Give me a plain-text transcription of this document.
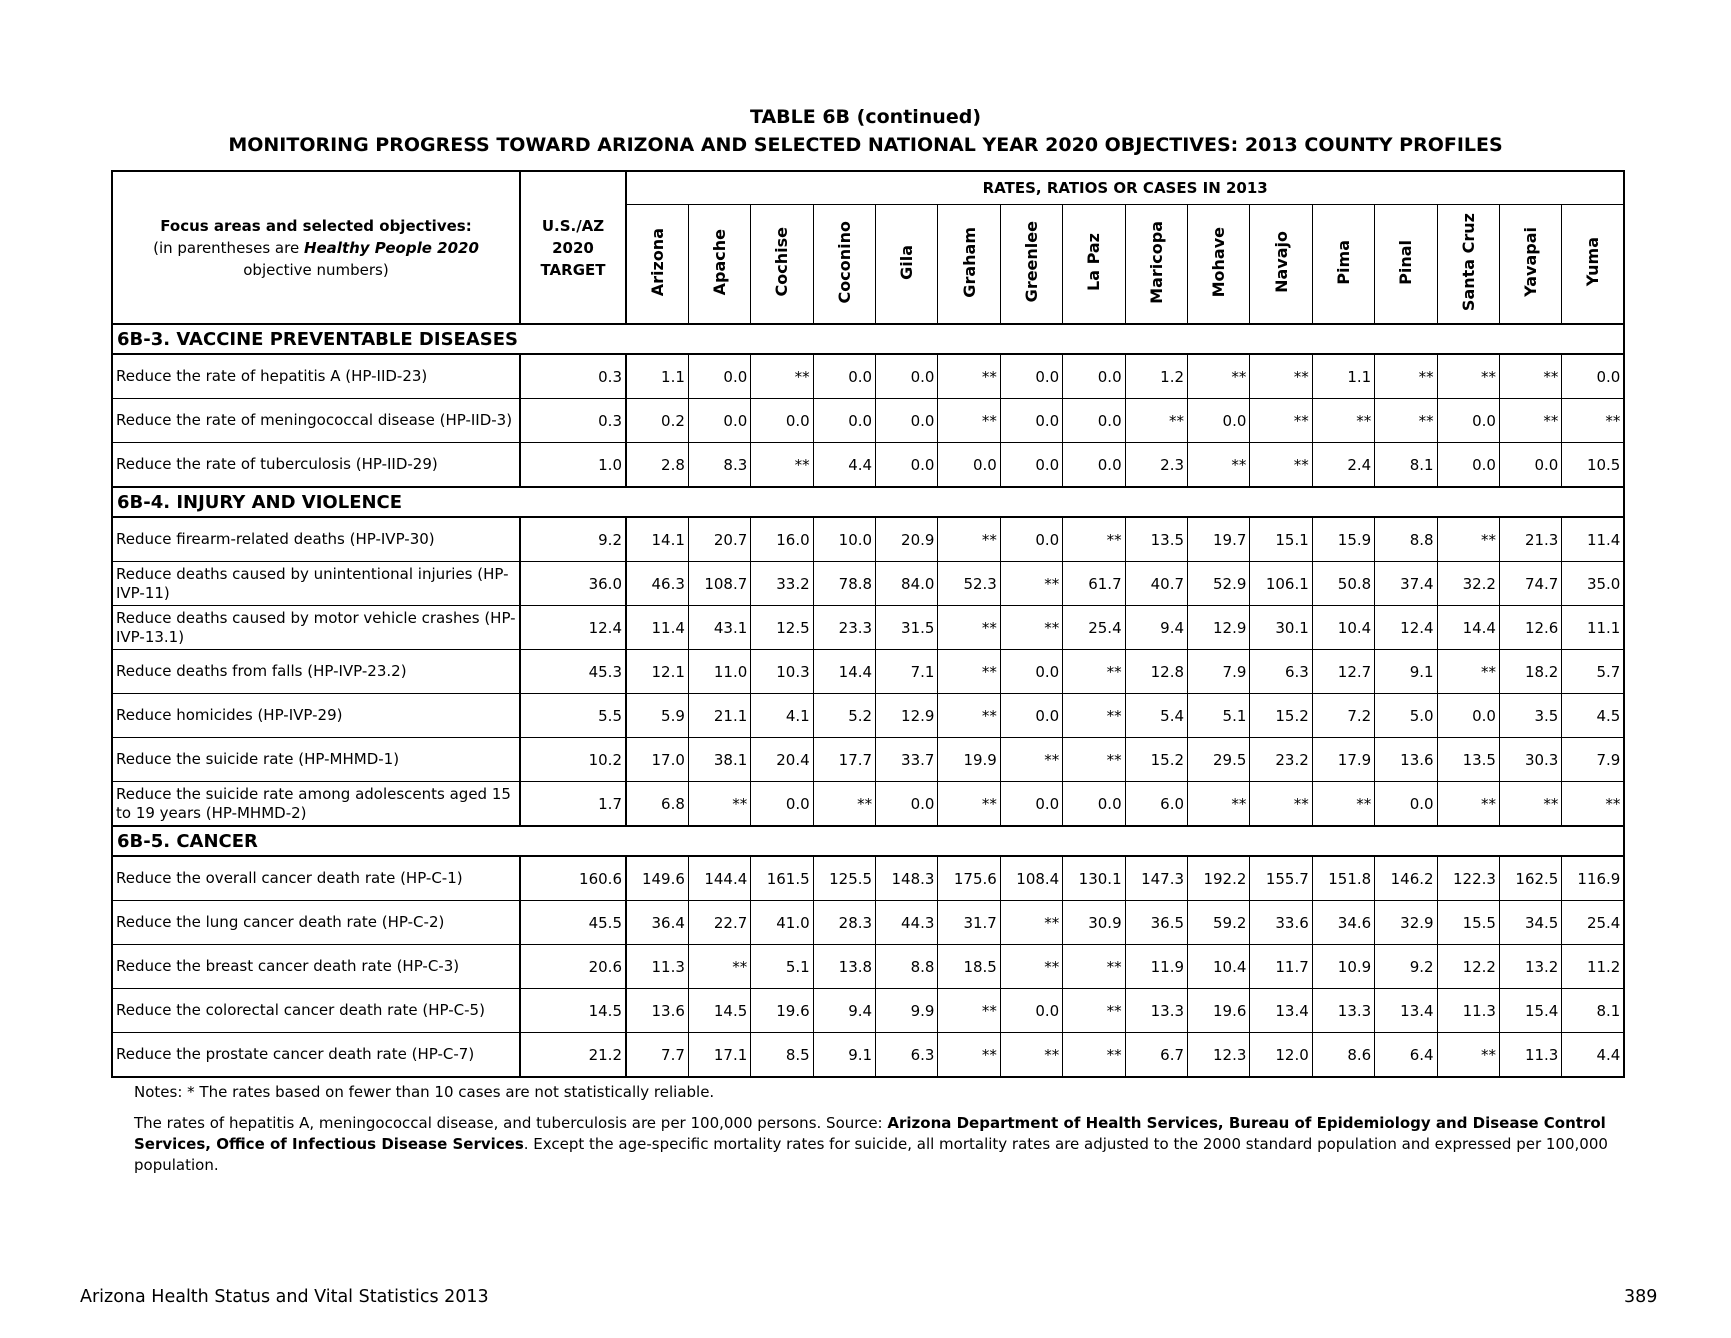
TABLE 6B (continued)
MONITORING PROGRESS TOWARD ARIZONA AND SELECTED NATIONAL YEAR 2020 OBJECTIVES: 2013 COUNTY PROFILES
Focus areas and selected objectives:
(in parentheses are Healthy People 2020
objective numbers)	U.S./AZ
2020
TARGET	RATES, RATIOS OR CASES IN 2013															
		Arizona	Apache	Cochise	Coconino	Gila	Graham	Greenlee	La Paz	Maricopa	Mohave	Navajo	Pima	Pinal	Santa Cruz	Yavapai	Yuma
6B-3. VACCINE PREVENTABLE DISEASES																	
Reduce the rate of hepatitis A (HP-IID-23)	0.3	1.1	0.0	**	0.0	0.0	**	0.0	0.0	1.2	**	**	1.1	**	**	**	0.0
Reduce the rate of meningococcal disease (HP-IID-3)	0.3	0.2	0.0	0.0	0.0	0.0	**	0.0	0.0	**	0.0	**	**	**	0.0	**	**
Reduce the rate of tuberculosis (HP-IID-29)	1.0	2.8	8.3	**	4.4	0.0	0.0	0.0	0.0	2.3	**	**	2.4	8.1	0.0	0.0	10.5
6B-4. INJURY AND VIOLENCE																	
Reduce firearm-related deaths (HP-IVP-30)	9.2	14.1	20.7	16.0	10.0	20.9	**	0.0	**	13.5	19.7	15.1	15.9	8.8	**	21.3	11.4
Reduce deaths caused by unintentional injuries (HP-IVP-11)	36.0	46.3	108.7	33.2	78.8	84.0	52.3	**	61.7	40.7	52.9	106.1	50.8	37.4	32.2	74.7	35.0
Reduce deaths caused by motor vehicle crashes (HP-IVP-13.1)	12.4	11.4	43.1	12.5	23.3	31.5	**	**	25.4	9.4	12.9	30.1	10.4	12.4	14.4	12.6	11.1
Reduce deaths from falls (HP-IVP-23.2)	45.3	12.1	11.0	10.3	14.4	7.1	**	0.0	**	12.8	7.9	6.3	12.7	9.1	**	18.2	5.7
Reduce homicides (HP-IVP-29)	5.5	5.9	21.1	4.1	5.2	12.9	**	0.0	**	5.4	5.1	15.2	7.2	5.0	0.0	3.5	4.5
Reduce the suicide rate (HP-MHMD-1)	10.2	17.0	38.1	20.4	17.7	33.7	19.9	**	**	15.2	29.5	23.2	17.9	13.6	13.5	30.3	7.9
Reduce the suicide rate among adolescents aged 15 to 19 years (HP-MHMD-2)	1.7	6.8	**	0.0	**	0.0	**	0.0	0.0	6.0	**	**	**	0.0	**	**	**
6B-5. CANCER																	
Reduce the overall cancer death rate (HP-C-1)	160.6	149.6	144.4	161.5	125.5	148.3	175.6	108.4	130.1	147.3	192.2	155.7	151.8	146.2	122.3	162.5	116.9
Reduce the lung cancer death rate (HP-C-2)	45.5	36.4	22.7	41.0	28.3	44.3	31.7	**	30.9	36.5	59.2	33.6	34.6	32.9	15.5	34.5	25.4
Reduce the breast cancer death rate (HP-C-3)	20.6	11.3	**	5.1	13.8	8.8	18.5	**	**	11.9	10.4	11.7	10.9	9.2	12.2	13.2	11.2
Reduce the colorectal cancer death rate (HP-C-5)	14.5	13.6	14.5	19.6	9.4	9.9	**	0.0	**	13.3	19.6	13.4	13.3	13.4	11.3	15.4	8.1
Reduce the prostate cancer death rate (HP-C-7)	21.2	7.7	17.1	8.5	9.1	6.3	**	**	**	6.7	12.3	12.0	8.6	6.4	**	11.3	4.4
Notes: * The rates based on fewer than 10 cases are not statistically reliable.
The rates of hepatitis A, meningococcal disease, and tuberculosis are per 100,000 persons. Source: Arizona Department of Health Services, Bureau of Epidemiology and Disease Control Services, Office of Infectious Disease Services. Except the age-specific mortality rates for suicide, all mortality rates are adjusted to the 2000 standard population and expressed per 100,000 population.
Arizona Health Status and Vital Statistics 2013	389
